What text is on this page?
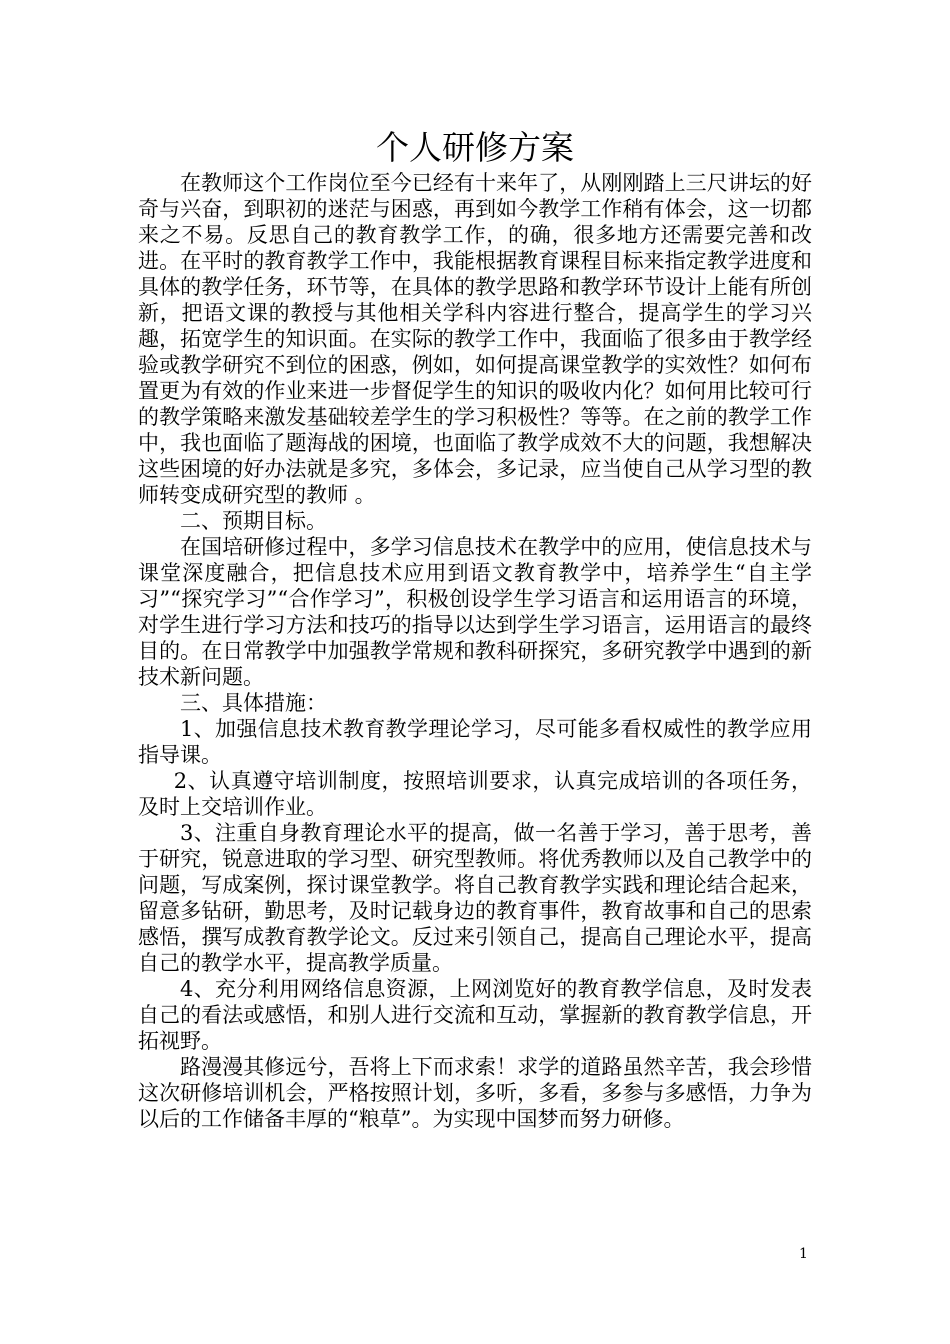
个人研修方案

在教师这个工作岗位至今已经有十来年了，从刚刚踏上三尺讲坛的好奇与兴奋，到职初的迷茫与困惑，再到如今教学工作稍有体会，这一切都来之不易。反思自己的教育教学工作，的确，很多地方还需要完善和改进。在平时的教育教学工作中，我能根据教育课程目标来指定教学进度和具体的教学任务，环节等，在具体的教学思路和教学环节设计上能有所创新，把语文课的教授与其他相关学科内容进行整合，提高学生的学习兴趣，拓宽学生的知识面。在实际的教学工作中，我面临了很多由于教学经验或教学研究不到位的困惑，例如，如何提高课堂教学的实效性？如何布置更为有效的作业来进一步督促学生的知识的吸收内化？如何用比较可行的教学策略来激发基础较差学生的学习积极性？等等。在之前的教学工作中，我也面临了题海战的困境，也面临了教学成效不大的问题，我想解决这些困境的好办法就是多究，多体会，多记录，应当使自己从学习型的教师转变成研究型的教师 。

二、预期目标。

在国培研修过程中，多学习信息技术在教学中的应用，使信息技术与课堂深度融合，把信息技术应用到语文教育教学中，培养学生“自主学习”“探究学习”“合作学习”，积极创设学生学习语言和运用语言的环境，对学生进行学习方法和技巧的指导以达到学生学习语言，运用语言的最终目的。在日常教学中加强教学常规和教科研探究，多研究教学中遇到的新技术新问题。

三、具体措施：

1、加强信息技术教育教学理论学习，尽可能多看权威性的教学应用指导课。

2、认真遵守培训制度，按照培训要求，认真完成培训的各项任务，及时上交培训作业。

3、注重自身教育理论水平的提高，做一名善于学习，善于思考，善于研究，锐意进取的学习型、研究型教师。将优秀教师以及自己教学中的问题，写成案例，探讨课堂教学。将自己教育教学实践和理论结合起来，留意多钻研，勤思考，及时记载身边的教育事件，教育故事和自己的思索感悟，撰写成教育教学论文。反过来引领自己，提高自己理论水平，提高自己的教学水平，提高教学质量。

4、充分利用网络信息资源，上网浏览好的教育教学信息，及时发表自己的看法或感悟，和别人进行交流和互动，掌握新的教育教学信息，开拓视野。

路漫漫其修远兮，吾将上下而求索！求学的道路虽然辛苦，我会珍惜这次研修培训机会，严格按照计划，多听，多看，多参与多感悟，力争为以后的工作储备丰厚的“粮草”。为实现中国梦而努力研修。

1
